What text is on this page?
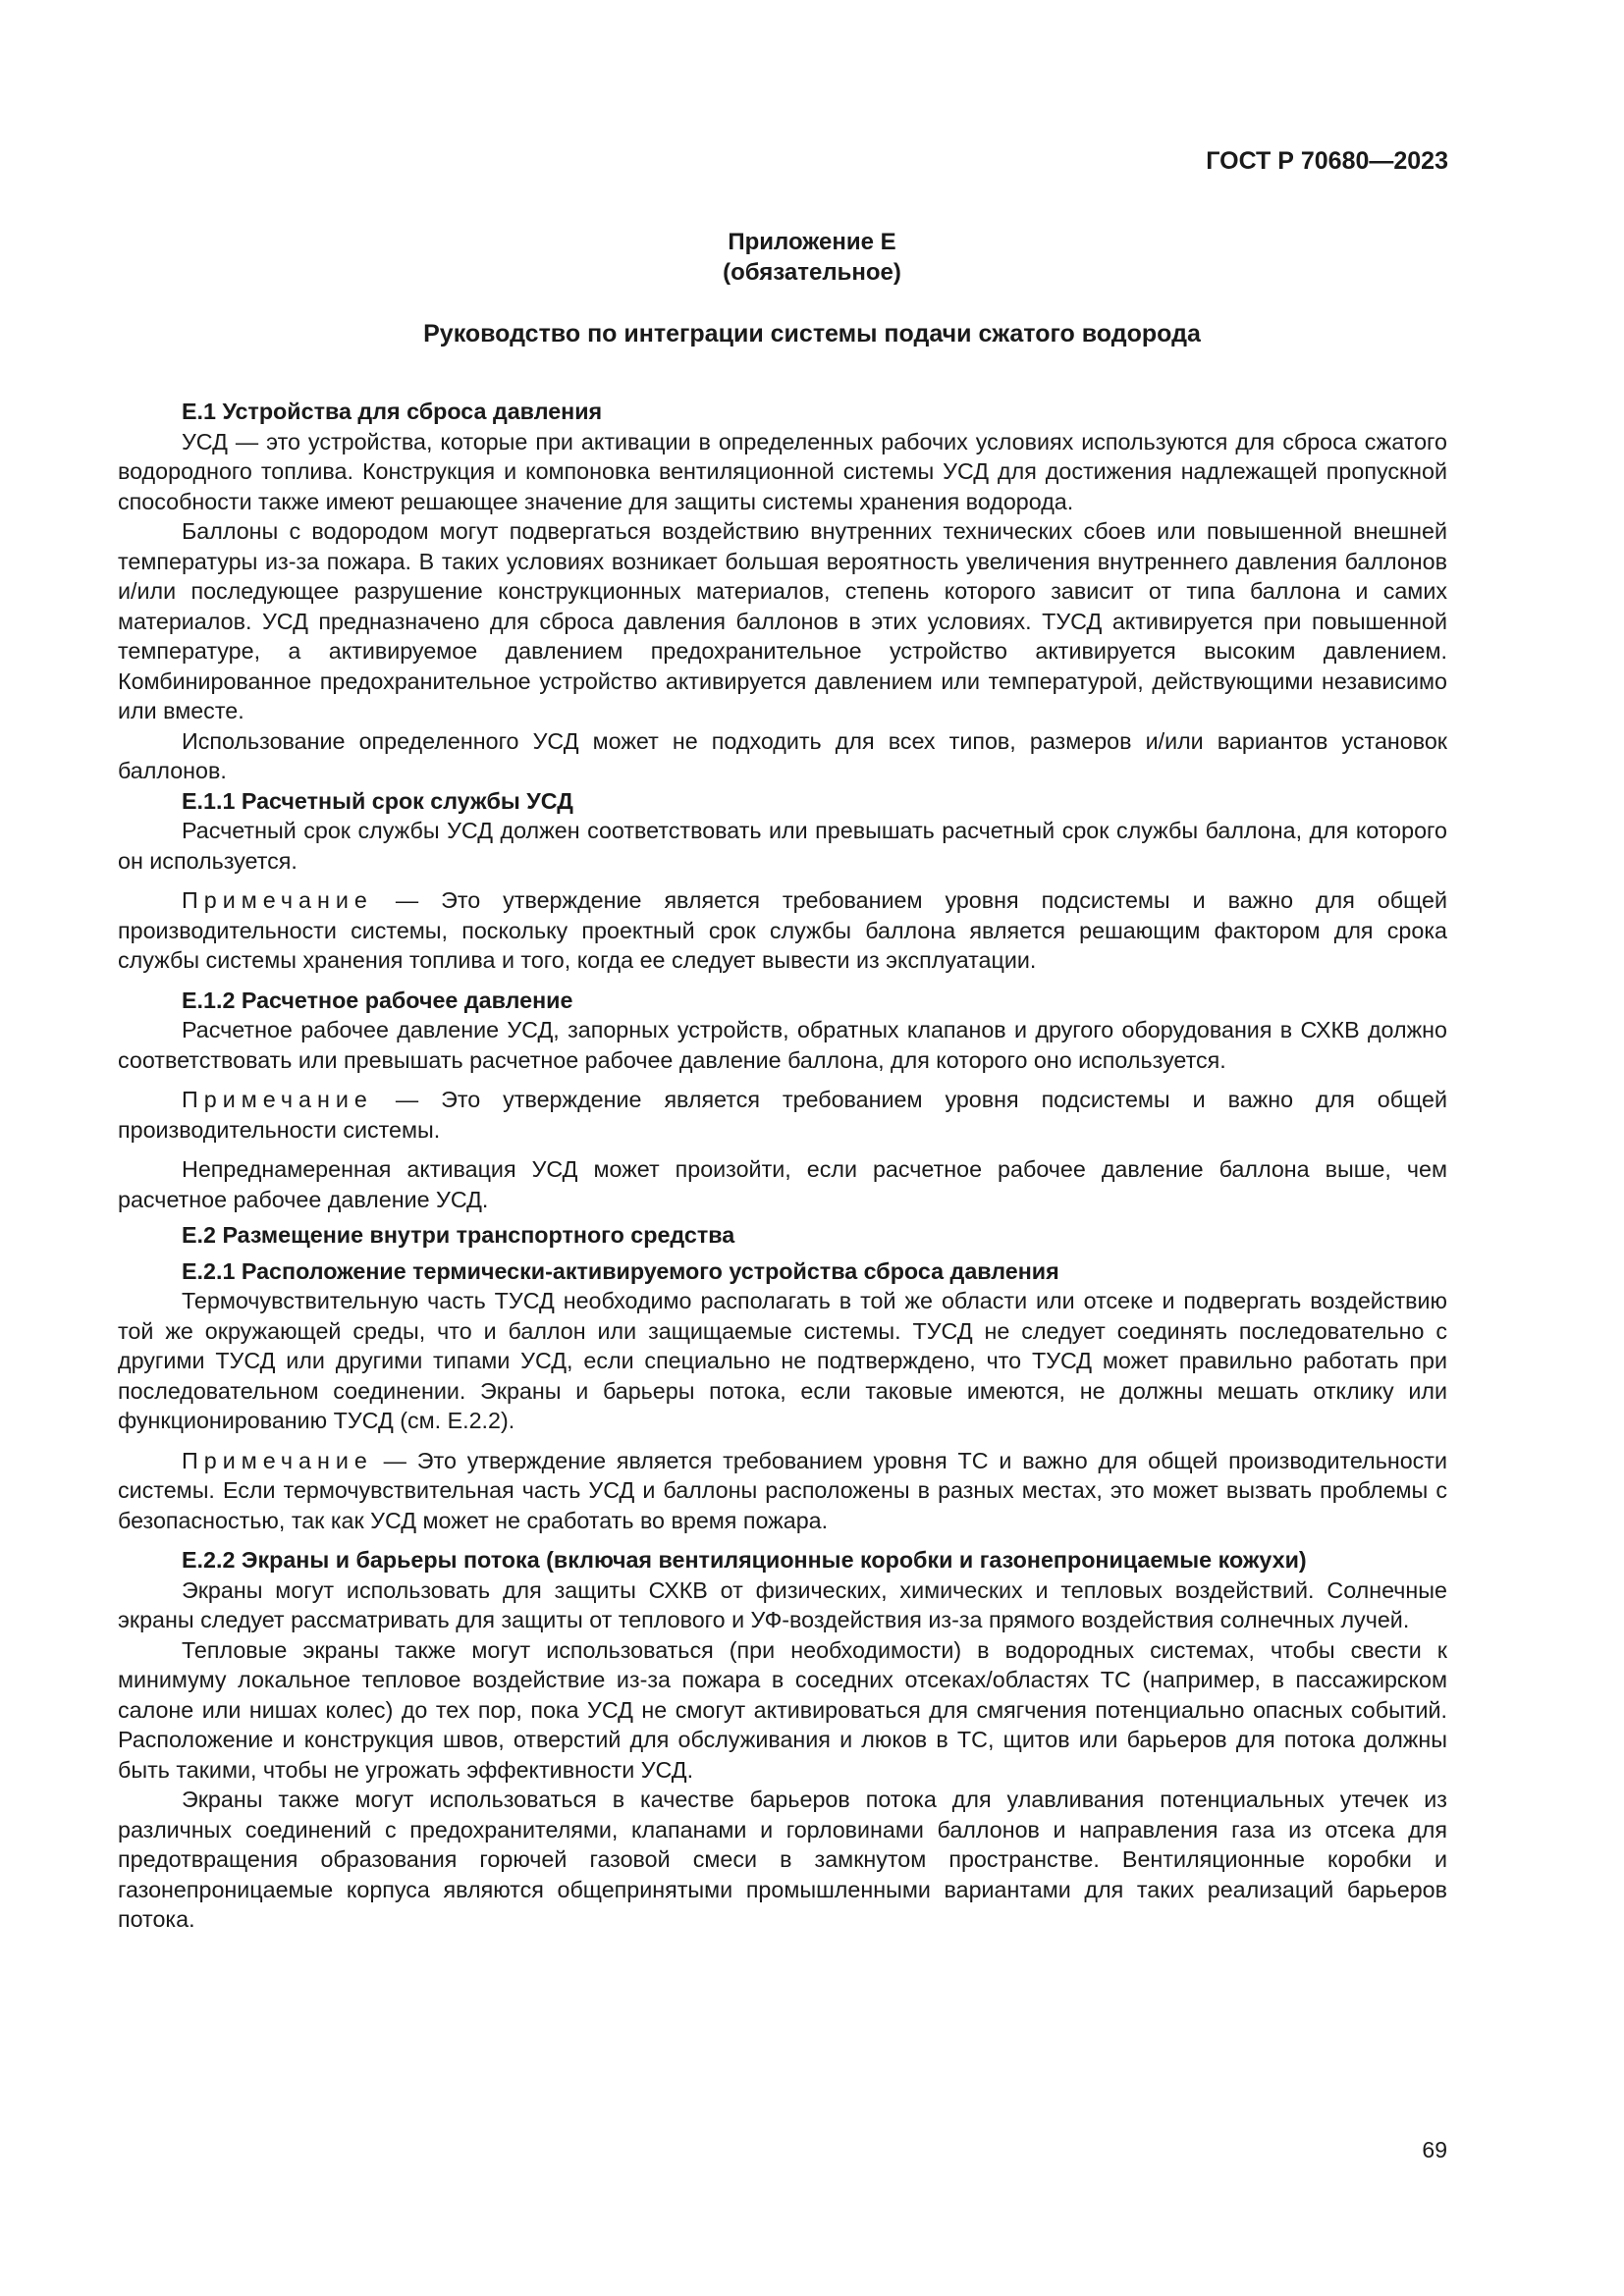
ГОСТ Р 70680—2023

Приложение Е
(обязательное)
Руководство по интеграции системы подачи сжатого водорода
Е.1 Устройства для сброса давления

УСД — это устройства, которые при активации в определенных рабочих условиях используются для сброса сжатого водородного топлива. Конструкция и компоновка вентиляционной системы УСД для достижения надлежащей пропускной способности также имеют решающее значение для защиты системы хранения водорода.

Баллоны с водородом могут подвергаться воздействию внутренних технических сбоев или повышенной внешней температуры из-за пожара. В таких условиях возникает большая вероятность увеличения внутреннего давления баллонов и/или последующее разрушение конструкционных материалов, степень которого зависит от типа баллона и самих материалов. УСД предназначено для сброса давления баллонов в этих условиях. ТУСД активируется при повышенной температуре, а активируемое давлением предохранительное устройство активируется высоким давлением. Комбинированное предохранительное устройство активируется давлением или температурой, действующими независимо или вместе.

Использование определенного УСД может не подходить для всех типов, размеров и/или вариантов установок баллонов.

Е.1.1 Расчетный срок службы УСД

Расчетный срок службы УСД должен соответствовать или превышать расчетный срок службы баллона, для которого он используется.

Примечание — Это утверждение является требованием уровня подсистемы и важно для общей производительности системы, поскольку проектный срок службы баллона является решающим фактором для срока службы системы хранения топлива и того, когда ее следует вывести из эксплуатации.

Е.1.2 Расчетное рабочее давление

Расчетное рабочее давление УСД, запорных устройств, обратных клапанов и другого оборудования в СХКВ должно соответствовать или превышать расчетное рабочее давление баллона, для которого оно используется.

Примечание — Это утверждение является требованием уровня подсистемы и важно для общей производительности системы.

Непреднамеренная активация УСД может произойти, если расчетное рабочее давление баллона выше, чем расчетное рабочее давление УСД.

Е.2 Размещение внутри транспортного средства
Е.2.1 Расположение термически-активируемого устройства сброса давления

Термочувствительную часть ТУСД необходимо располагать в той же области или отсеке и подвергать воздействию той же окружающей среды, что и баллон или защищаемые системы. ТУСД не следует соединять последовательно с другими ТУСД или другими типами УСД, если специально не подтверждено, что ТУСД может правильно работать при последовательном соединении. Экраны и барьеры потока, если таковые имеются, не должны мешать отклику или функционированию ТУСД (см. Е.2.2).

Примечание — Это утверждение является требованием уровня ТС и важно для общей производительности системы. Если термочувствительная часть УСД и баллоны расположены в разных местах, это может вызвать проблемы с безопасностью, так как УСД может не сработать во время пожара.

Е.2.2 Экраны и барьеры потока (включая вентиляционные коробки и газонепроницаемые кожухи)

Экраны могут использовать для защиты СХКВ от физических, химических и тепловых воздействий. Солнечные экраны следует рассматривать для защиты от теплового и УФ-воздействия из-за прямого воздействия солнечных лучей.

Тепловые экраны также могут использоваться (при необходимости) в водородных системах, чтобы свести к минимуму локальное тепловое воздействие из-за пожара в соседних отсеках/областях ТС (например, в пассажирском салоне или нишах колес) до тех пор, пока УСД не смогут активироваться для смягчения потенциально опасных событий. Расположение и конструкция швов, отверстий для обслуживания и люков в ТС, щитов или барьеров для потока должны быть такими, чтобы не угрожать эффективности УСД.

Экраны также могут использоваться в качестве барьеров потока для улавливания потенциальных утечек из различных соединений с предохранителями, клапанами и горловинами баллонов и направления газа из отсека для предотвращения образования горючей газовой смеси в замкнутом пространстве. Вентиляционные коробки и газонепроницаемые корпуса являются общепринятыми промышленными вариантами для таких реализаций барьеров потока.

69
